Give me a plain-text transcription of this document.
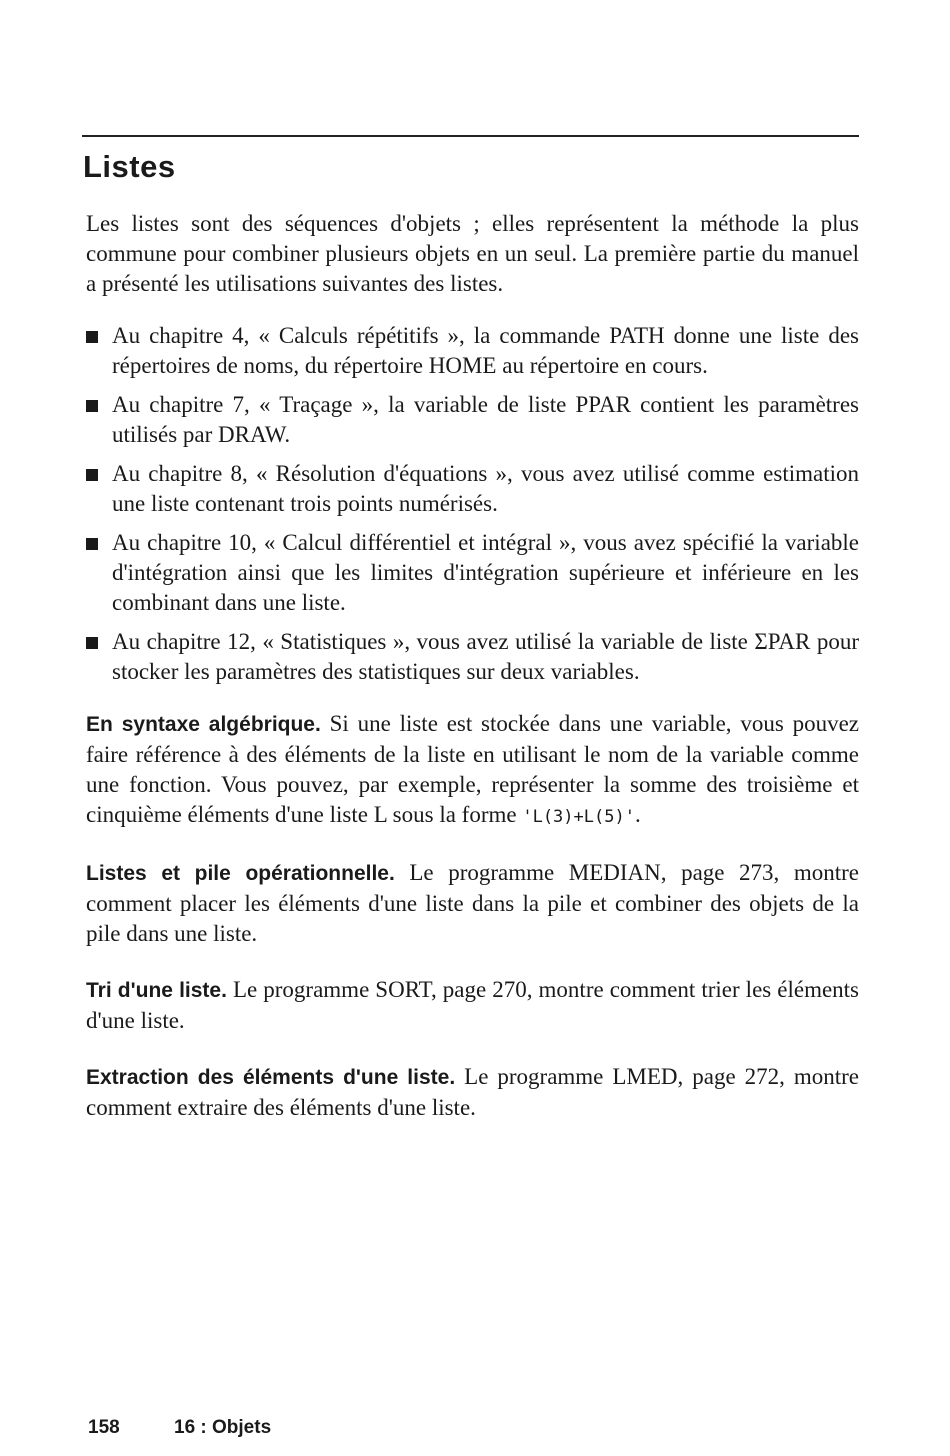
Listes

Les listes sont des séquences d'objets ; elles représentent la méthode la plus commune pour combiner plusieurs objets en un seul. La première partie du manuel a présenté les utilisations suivantes des listes.

Au chapitre 4, « Calculs répétitifs », la commande PATH donne une liste des répertoires de noms, du répertoire HOME au répertoire en cours.
Au chapitre 7, « Traçage », la variable de liste PPAR contient les paramètres utilisés par DRAW.
Au chapitre 8, « Résolution d'équations », vous avez utilisé comme estimation une liste contenant trois points numérisés.
Au chapitre 10, « Calcul différentiel et intégral », vous avez spécifié la variable d'intégration ainsi que les limites d'intégration supérieure et inférieure en les combinant dans une liste.
Au chapitre 12, « Statistiques », vous avez utilisé la variable de liste ΣPAR pour stocker les paramètres des statistiques sur deux variables.

En syntaxe algébrique. Si une liste est stockée dans une variable, vous pouvez faire référence à des éléments de la liste en utilisant le nom de la variable comme une fonction. Vous pouvez, par exemple, représenter la somme des troisième et cinquième éléments d'une liste L sous la forme 'L(3)+L(5)'.

Listes et pile opérationnelle. Le programme MEDIAN, page 273, montre comment placer les éléments d'une liste dans la pile et combiner des objets de la pile dans une liste.

Tri d'une liste. Le programme SORT, page 270, montre comment trier les éléments d'une liste.

Extraction des éléments d'une liste. Le programme LMED, page 272, montre comment extraire des éléments d'une liste.

158	16 : Objets
